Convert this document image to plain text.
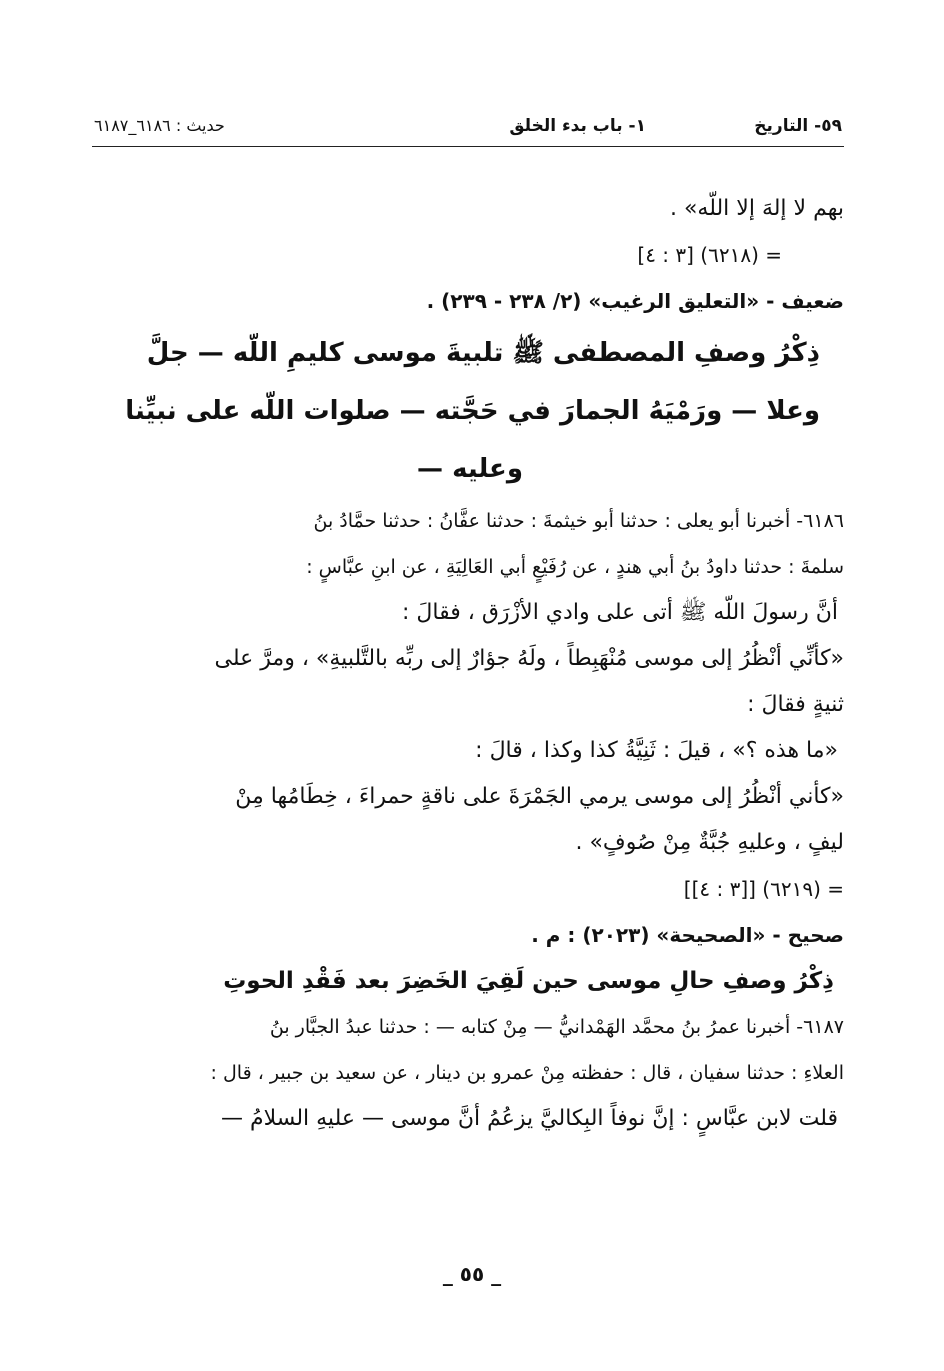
٥٩- التاريخ
١- باب بدء الخلق
حديث : ٦١٨٦_٦١٨٧
بهم لا إلهَ إلا اللّه» .
= (٦٢١٨) [٣ : ٤]
ضعيف - «التعليق الرغيب» (٢/ ٢٣٨ - ٢٣٩) .
ذِكْرُ وصفِ المصطفى ﷺ تلبيةَ موسى كليمِ اللّه — جلَّ
وعلا — ورَمْيَهُ الجمارَ في حَجَّته — صلوات اللّه على نبيِّنا
وعليه —
٦١٨٦- أخبرنا أبو يعلى : حدثنا أبو خيثمةَ : حدثنا عفَّانُ : حدثنا حمَّادُ بنُ
سلمةَ : حدثنا داودُ بنُ أبي هندٍ ، عن رُفَيْعٍ أبي العَالِيَةِ ، عن ابنِ عبَّاسٍ :
أنَّ رسولَ اللّه ﷺ أتى على وادي الأزْرَق ، فقالَ :
«كأنِّي أنْظُرُ إلى موسى مُنْهَبِطاً ، ولَهُ جؤارٌ إلى ربِّه بالتَّلبيةِ» ، ومرَّ على
ثنيةٍ فقالَ :
«ما هذه ؟» ، قيلَ : ثَنِيَّةُ كذا وكذا ، قالَ :
«كأني أنْظُرُ إلى موسى يرمي الجَمْرَةَ على ناقةٍ حمراءَ ، خِطَامُها مِنْ
ليفٍ ، وعليهِ جُبَّةٌ مِنْ صُوفٍ» .
= (٦٢١٩) [[٣ : ٤]]
صحيح - «الصحيحة» (٢٠٢٣) : م .
ذِكْرُ وصفِ حالِ موسى حين لَقِيَ الخَضِرَ بعد فَقْدِ الحوتِ
٦١٨٧- أخبرنا عمرُ بنُ محمَّد الهَمْدانيُّ — مِنْ كتابه — : حدثنا عبدُ الجبَّار بنُ
العلاءِ : حدثنا سفيان ، قال : حفظته مِنْ عمرو بن دينار ، عن سعيد بن جبير ، قال :
قلت لابن عبَّاسٍ : إنَّ نوفاً البِكاليَّ يزعُمُ أنَّ موسى — عليهِ السلامُ —
_ ٥٥ _
